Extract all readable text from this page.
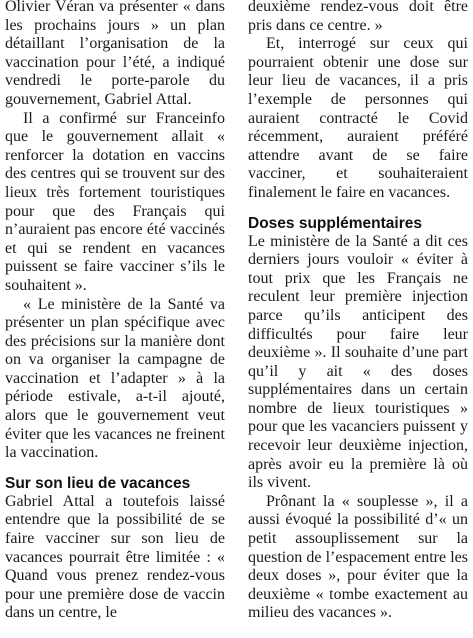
Olivier Véran va présenter « dans les prochains jours » un plan détaillant l’organisation de la vaccination pour l’été, a indiqué vendredi le porte-parole du gouvernement, Gabriel Attal.

Il a confirmé sur Franceinfo que le gouvernement allait « renforcer la dotation en vaccins des centres qui se trouvent sur des lieux très fortement touristiques pour que des Français qui n’auraient pas encore été vaccinés et qui se rendent en vacances puissent se faire vacciner s’ils le souhaitent ».

« Le ministère de la Santé va présenter un plan spécifique avec des précisions sur la manière dont on va organiser la campagne de vaccination et l’adapter » à la période estivale, a-t-il ajouté, alors que le gouvernement veut éviter que les vacances ne freinent la vaccination.

Sur son lieu de vacances

Gabriel Attal a toutefois laissé entendre que la possibilité de se faire vacciner sur son lieu de vacances pourrait être limitée : « Quand vous prenez rendez-vous pour une première dose de vaccin dans un centre, le

deuxième rendez-vous doit être pris dans ce centre. »

Et, interrogé sur ceux qui pourraient obtenir une dose sur leur lieu de vacances, il a pris l’exemple de personnes qui auraient contracté le Covid récemment, auraient préféré attendre avant de se faire vacciner, et souhaiteraient finalement le faire en vacances.

Doses supplémentaires

Le ministère de la Santé a dit ces derniers jours vouloir « éviter à tout prix que les Français ne reculent leur première injection parce qu’ils anticipent des difficultés pour faire leur deuxième ». Il souhaite d’une part qu’il y ait « des doses supplémentaires dans un certain nombre de lieux touristiques » pour que les vacanciers puissent y recevoir leur deuxième injection, après avoir eu la première là où ils vivent.

Prônant la « souplesse », il a aussi évoqué la possibilité d’« un petit assouplissement sur la question de l’espacement entre les deux doses », pour éviter que la deuxième « tombe exactement au milieu des vacances ».
